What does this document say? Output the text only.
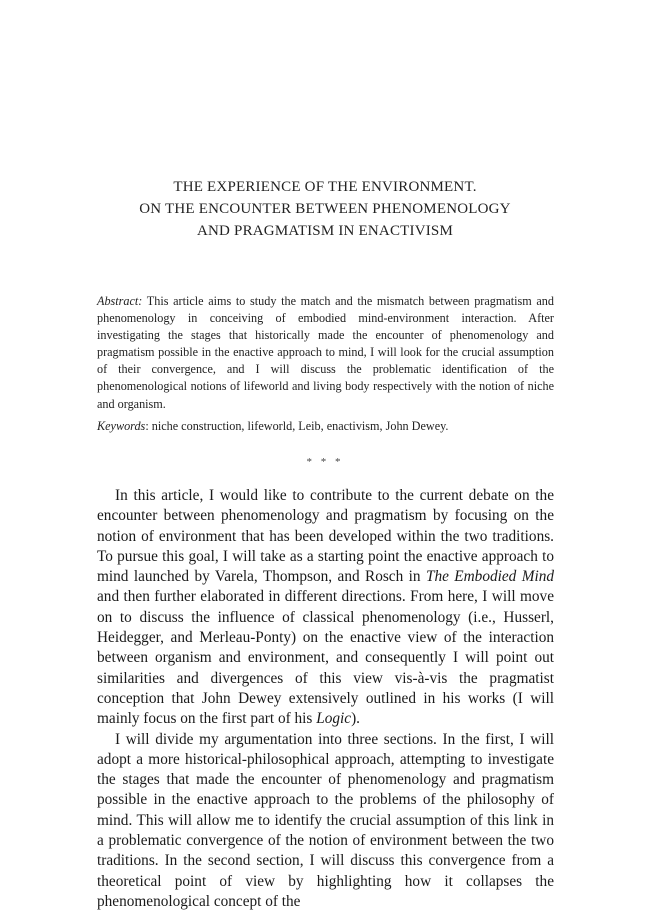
THE EXPERIENCE OF THE ENVIRONMENT.
ON THE ENCOUNTER BETWEEN PHENOMENOLOGY
AND PRAGMATISM IN ENACTIVISM

Abstract: This article aims to study the match and the mismatch between pragmatism and phenomenology in conceiving of embodied mind-environment interaction. After investigating the stages that historically made the encounter of phenomenology and pragmatism possible in the enactive approach to mind, I will look for the crucial assumption of their convergence, and I will discuss the problematic identification of the phenomenological notions of lifeworld and living body respectively with the notion of niche and organism.

Keywords: niche construction, lifeworld, Leib, enactivism, John Dewey.

* * *

In this article, I would like to contribute to the current debate on the encounter between phenomenology and pragmatism by focusing on the notion of environment that has been developed within the two traditions. To pursue this goal, I will take as a starting point the enactive approach to mind launched by Varela, Thompson, and Rosch in The Embodied Mind and then further elaborated in different directions. From here, I will move on to discuss the influence of classical phenomenology (i.e., Husserl, Heidegger, and Merleau-Ponty) on the enactive view of the interaction between organism and environment, and consequently I will point out similarities and divergences of this view vis-à-vis the pragmatist conception that John Dewey extensively outlined in his works (I will mainly focus on the first part of his Logic).

I will divide my argumentation into three sections. In the first, I will adopt a more historical-philosophical approach, attempting to investigate the stages that made the encounter of phenomenology and pragmatism possible in the enactive approach to the problems of the philosophy of mind. This will allow me to identify the crucial assumption of this link in a problematic convergence of the notion of environment between the two traditions. In the second section, I will discuss this convergence from a theoretical point of view by highlighting how it collapses the phenomenological concept of the
